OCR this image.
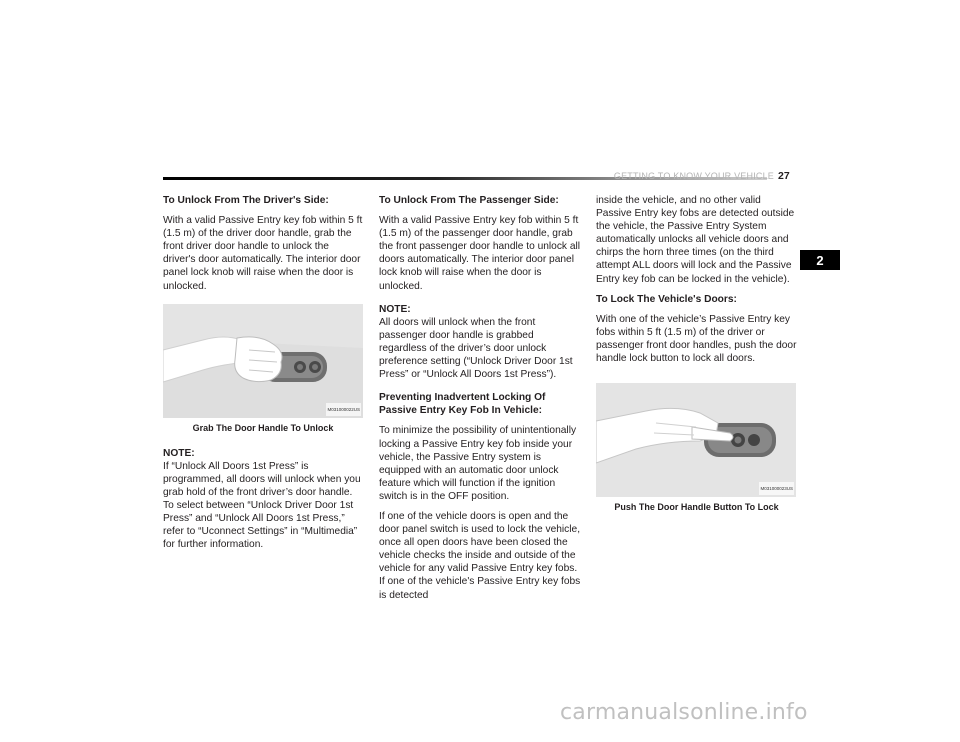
GETTING TO KNOW YOUR VEHICLE 27
2
To Unlock From The Driver's Side:

With a valid Passive Entry key fob within 5 ft (1.5 m) of the driver door handle, grab the front driver door handle to unlock the driver's door automatically. The interior door panel lock knob will raise when the door is unlocked.

M031000022US
Grab The Door Handle To Unlock

NOTE:
If “Unlock All Doors 1st Press” is programmed, all doors will unlock when you grab hold of the front driver’s door handle. To select between “Unlock Driver Door 1st Press” and “Unlock All Doors 1st Press,” refer to “Uconnect Settings” in “Multimedia” for further information.

To Unlock From The Passenger Side:

With a valid Passive Entry key fob within 5 ft (1.5 m) of the passenger door handle, grab the front passenger door handle to unlock all doors automatically. The interior door panel lock knob will raise when the door is unlocked.

NOTE:
All doors will unlock when the front passenger door handle is grabbed regardless of the driver’s door unlock preference setting (“Unlock Driver Door 1st Press” or “Unlock All Doors 1st Press”).

Preventing Inadvertent Locking Of Passive Entry Key Fob In Vehicle:

To minimize the possibility of unintentionally locking a Passive Entry key fob inside your vehicle, the Passive Entry system is equipped with an automatic door unlock feature which will function if the ignition switch is in the OFF position.

If one of the vehicle doors is open and the door panel switch is used to lock the vehicle, once all open doors have been closed the vehicle checks the inside and outside of the vehicle for any valid Passive Entry key fobs. If one of the vehicle's Passive Entry key fobs is detected

inside the vehicle, and no other valid Passive Entry key fobs are detected outside the vehicle, the Passive Entry System automatically unlocks all vehicle doors and chirps the horn three times (on the third attempt ALL doors will lock and the Passive Entry key fob can be locked in the vehicle).

To Lock The Vehicle's Doors:

With one of the vehicle’s Passive Entry key fobs within 5 ft (1.5 m) of the driver or passenger front door handles, push the door handle lock button to lock all doors.

M031000023US
Push The Door Handle Button To Lock
carmanualsonline.info
